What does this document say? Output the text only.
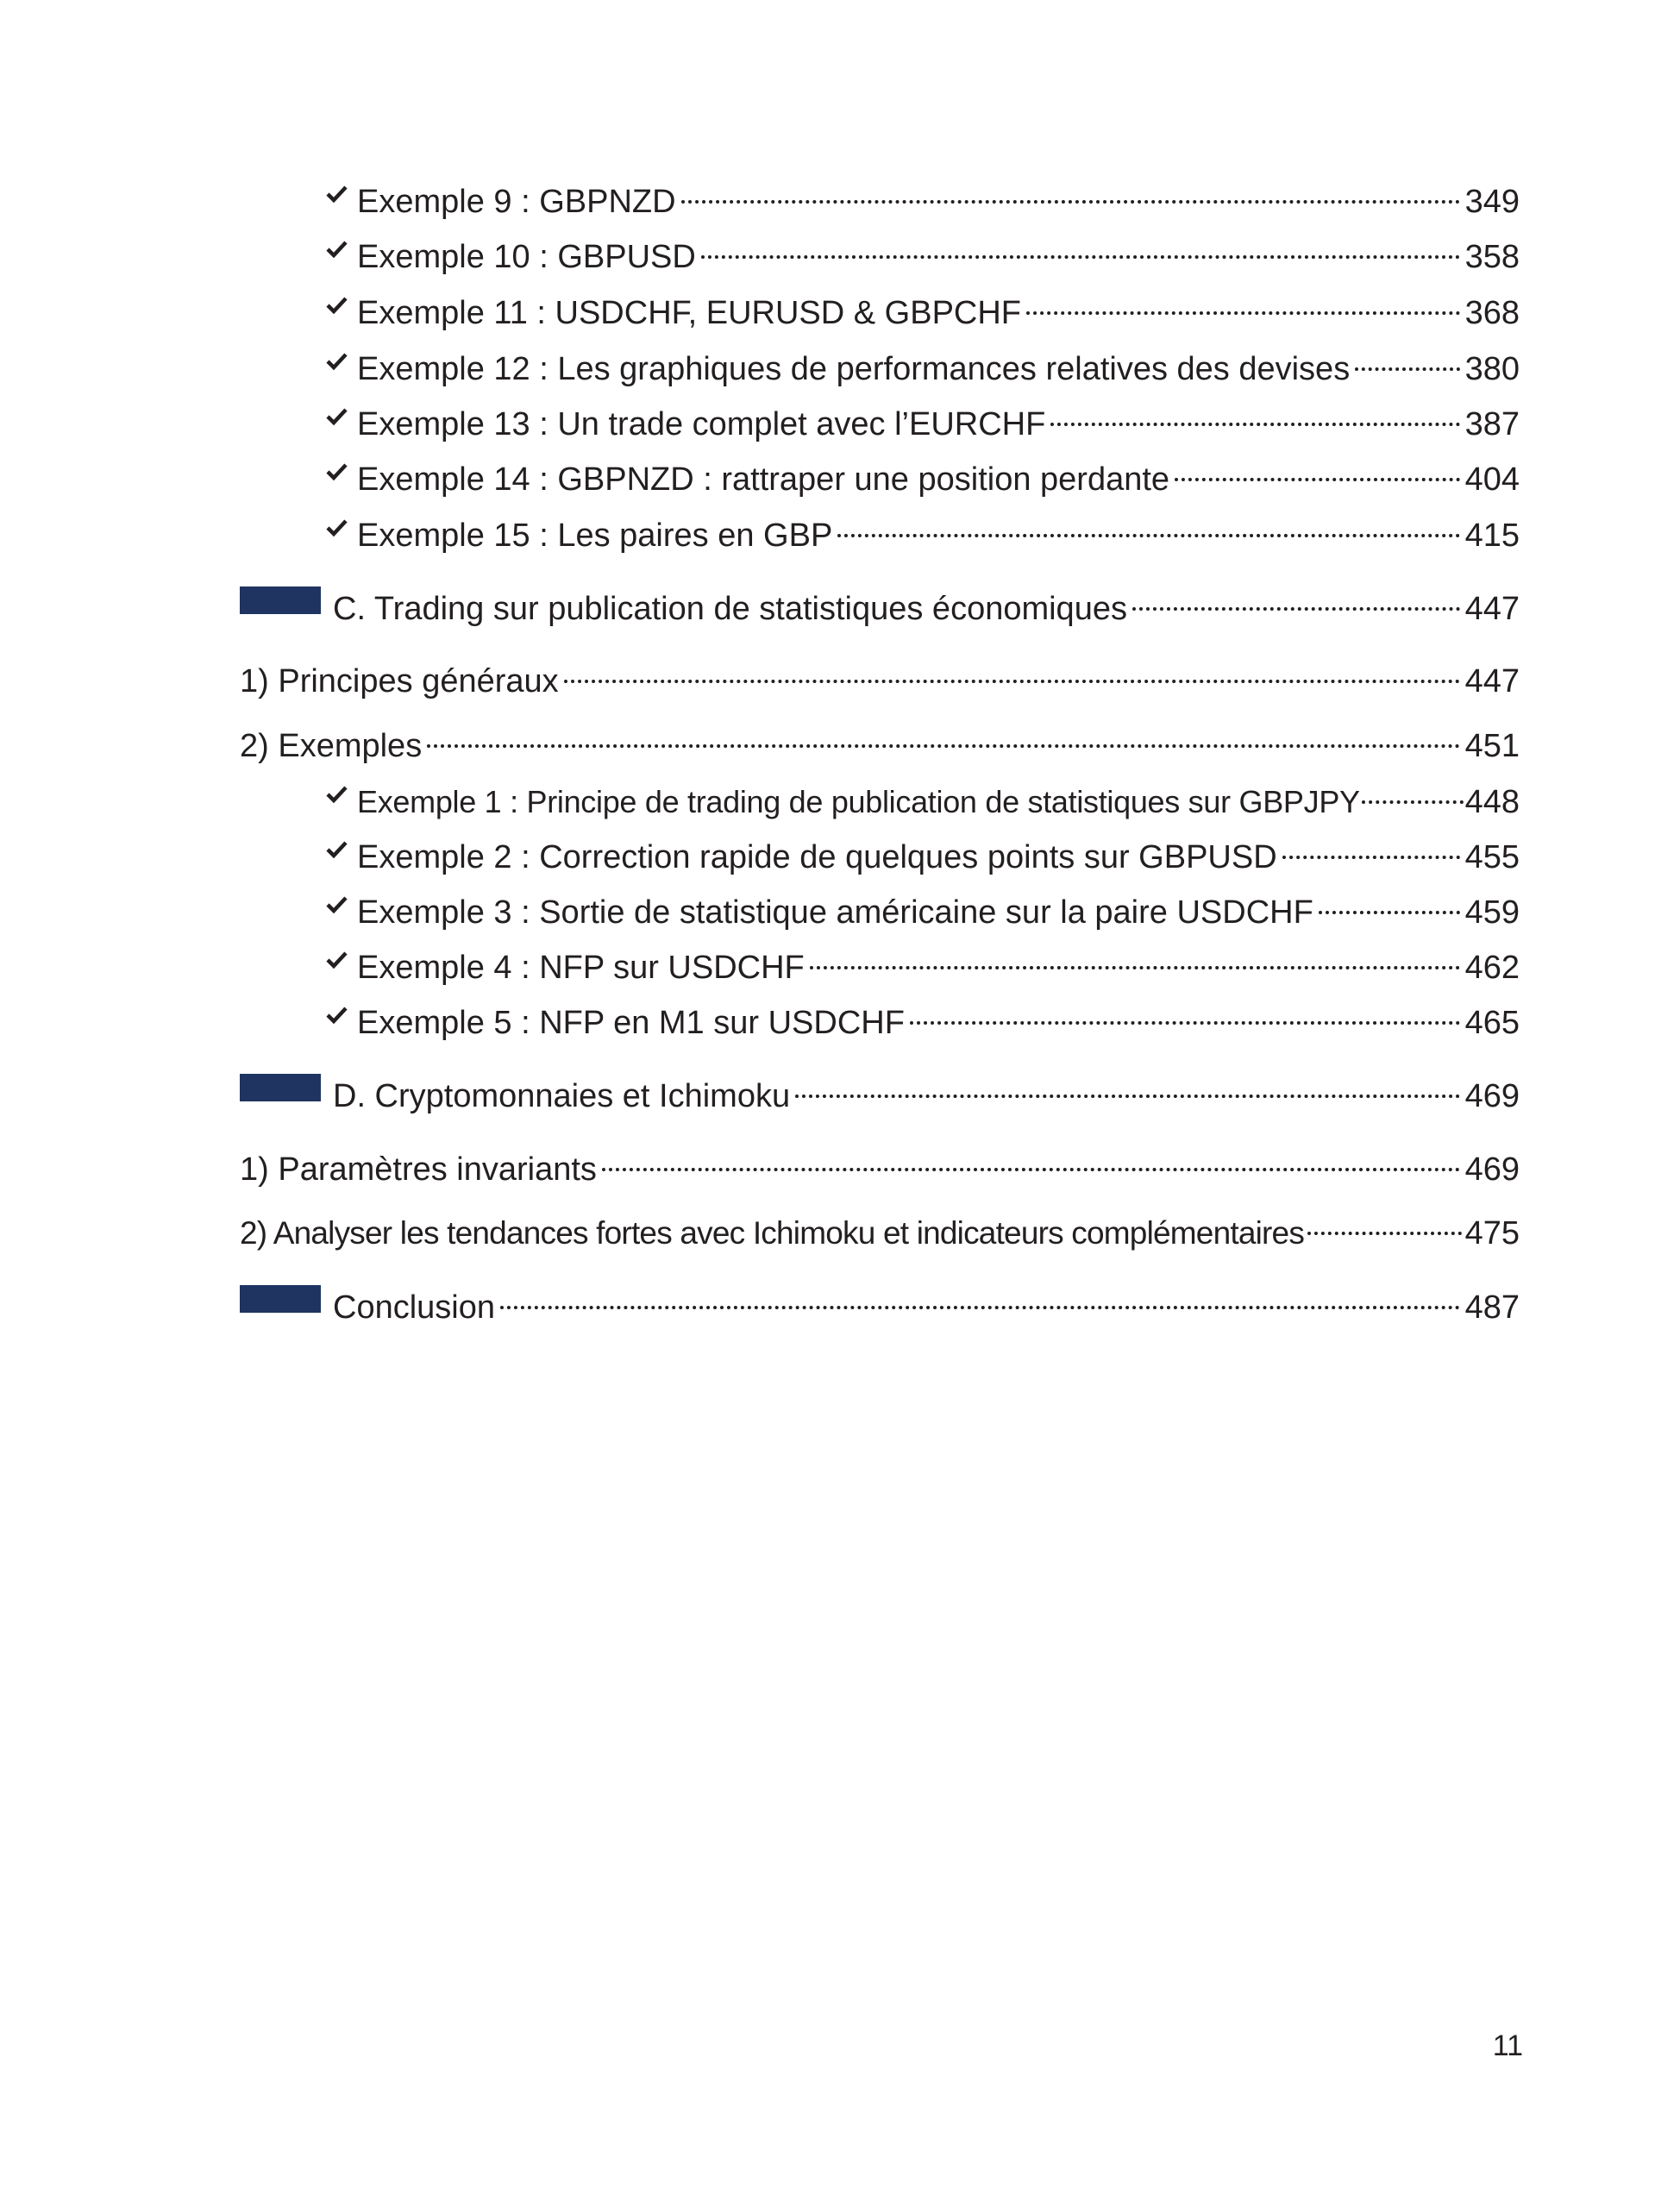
Exemple 9 : GBPNZD	349
Exemple 10 : GBPUSD	358
Exemple 11 : USDCHF, EURUSD & GBPCHF	368
Exemple 12 : Les graphiques de performances relatives des devises	380
Exemple 13 : Un trade complet avec l’EURCHF	387
Exemple 14 : GBPNZD : rattraper une position perdante	404
Exemple 15 : Les paires en GBP	415
C. Trading sur publication de statistiques économiques	447
1) Principes généraux	447
2) Exemples	451
Exemple 1 : Principe de trading de publication de statistiques sur GBPJPY	448
Exemple 2 : Correction rapide de quelques points sur GBPUSD	455
Exemple 3 : Sortie de statistique américaine sur la paire USDCHF	459
Exemple 4 : NFP sur USDCHF	462
Exemple 5 : NFP en M1 sur USDCHF	465
D. Cryptomonnaies et Ichimoku	469
1) Paramètres invariants	469
2) Analyser les tendances fortes avec Ichimoku et indicateurs complémentaires	475
Conclusion	487
11
